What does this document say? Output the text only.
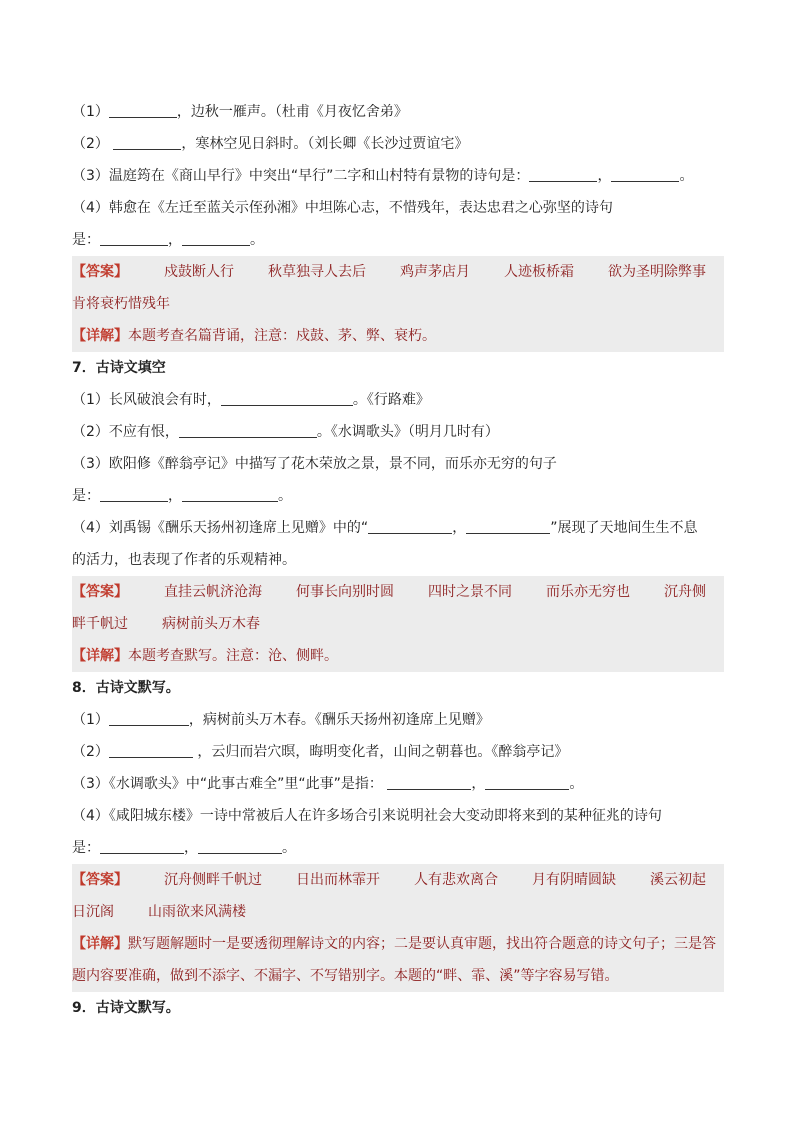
（1）	，边秋一雁声。（杜甫《月夜忆舍弟》
（2）	，寒林空见日斜时。（刘长卿《长沙过贾谊宅》
（3）温庭筠在《商山早行》中突出“早行”二字和山村特有景物的诗句是：	，	。
（4）韩愈在《左迁至蓝关示侄孙湘》中坦陈心志，不惜残年，表达忠君之心弥坚的诗句
是：	，	。
【答案】	戍鼓断人行 秋草独寻人去后 鸡声茅店月 人迹板桥霜 欲为圣明除弊事
肯将衰朽惜残年
【详解】本题考查名篇背诵，注意：戍鼓、茅、弊、衰朽。
7．古诗文填空
（1）长风破浪会有时，	。《行路难》
（2）不应有恨，	。《水调歌头》（明月几时有）
（3）欧阳修《醉翁亭记》中描写了花木荣放之景，景不同，而乐亦无穷的句子
是：	，	。
（4）刘禹锡《酬乐天扬州初逢席上见赠》中的“	，	”展现了天地间生生不息
的活力，也表现了作者的乐观精神。
【答案】	直挂云帆济沧海 何事长向别时圆 四时之景不同 而乐亦无穷也 沉舟侧
畔千帆过 病树前头万木春
【详解】本题考查默写。注意：沧、侧畔。
8．古诗文默写。
（1）	，病树前头万木春。《酬乐天扬州初逢席上见赠》
（2）	，云归而岩穴暝，晦明变化者，山间之朝暮也。《醉翁亭记》
（3）《水调歌头》中“此事古难全”里“此事”是指：	，	。
（4）《咸阳城东楼》一诗中常被后人在许多场合引来说明社会大变动即将来到的某种征兆的诗句
是：	，	。
【答案】	沉舟侧畔千帆过 日出而林霏开 人有悲欢离合 月有阴晴圆缺 溪云初起
日沉阁 山雨欲来风满楼
【详解】默写题解题时一是要透彻理解诗文的内容；二是要认真审题，找出符合题意的诗文句子；三是答题内容要准确，做到不添字、不漏字、不写错别字。本题的“畔、霏、溪”等字容易写错。
9．古诗文默写。
